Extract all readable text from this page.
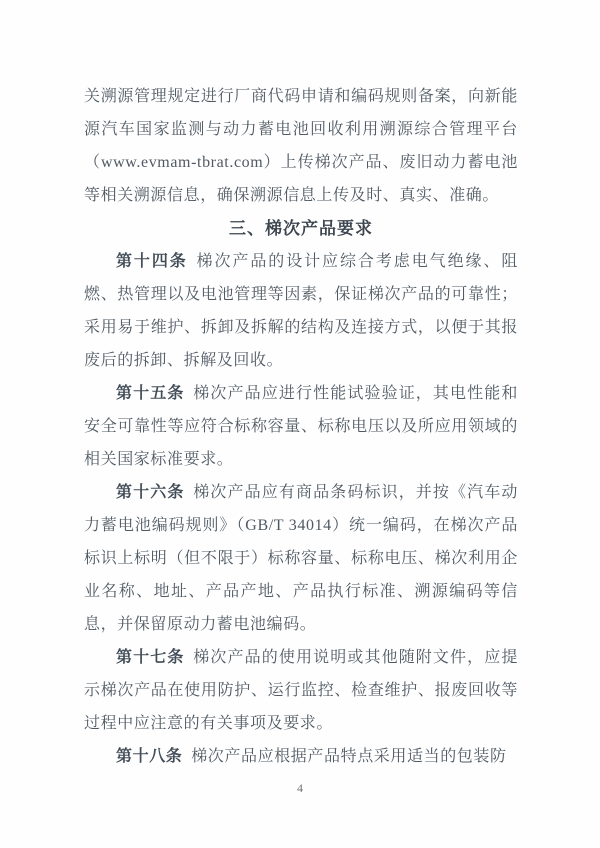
关溯源管理规定进行厂商代码申请和编码规则备案，向新能源汽车国家监测与动力蓄电池回收利用溯源综合管理平台（www.evmam-tbrat.com）上传梯次产品、废旧动力蓄电池等相关溯源信息，确保溯源信息上传及时、真实、准确。

三、梯次产品要求

第十四条 梯次产品的设计应综合考虑电气绝缘、阻燃、热管理以及电池管理等因素，保证梯次产品的可靠性；采用易于维护、拆卸及拆解的结构及连接方式，以便于其报废后的拆卸、拆解及回收。

第十五条 梯次产品应进行性能试验验证，其电性能和安全可靠性等应符合标称容量、标称电压以及所应用领域的相关国家标准要求。

第十六条 梯次产品应有商品条码标识，并按《汽车动力蓄电池编码规则》（GB/T 34014）统一编码，在梯次产品标识上标明（但不限于）标称容量、标称电压、梯次利用企业名称、地址、产品产地、产品执行标准、溯源编码等信息，并保留原动力蓄电池编码。

第十七条 梯次产品的使用说明或其他随附文件，应提示梯次产品在使用防护、运行监控、检查维护、报废回收等过程中应注意的有关事项及要求。

第十八条 梯次产品应根据产品特点采用适当的包装防

4
